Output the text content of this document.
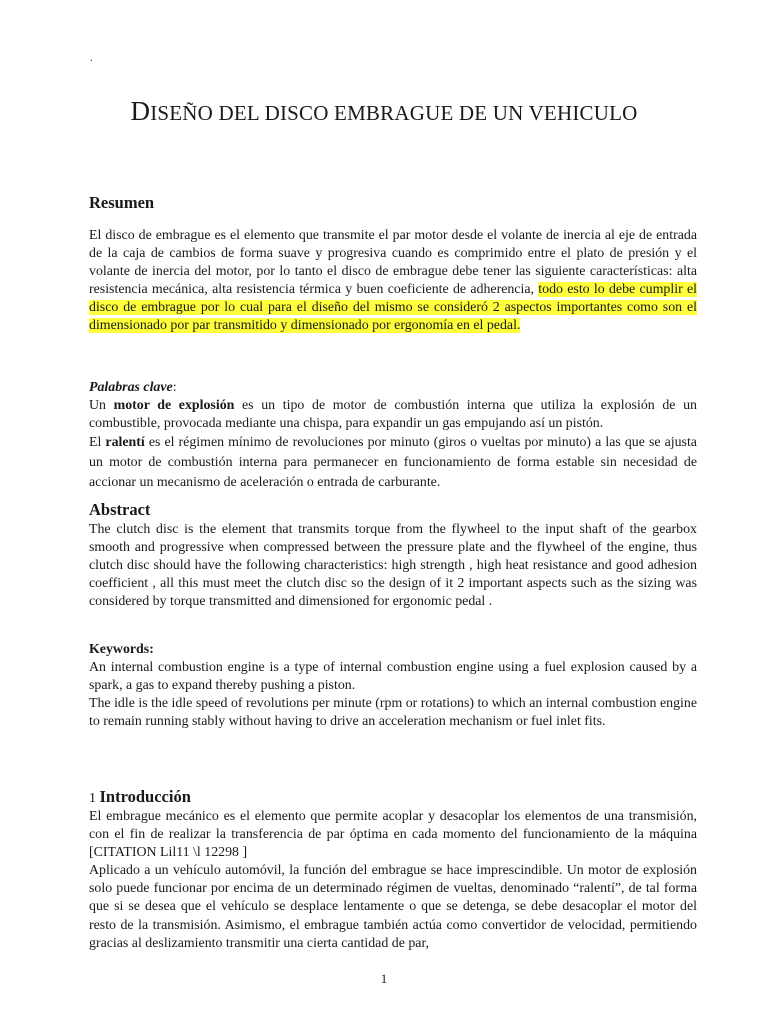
.
DISEÑO DEL DISCO EMBRAGUE DE UN VEHICULO
Resumen

El disco de embrague es el elemento que transmite el par motor desde el volante de inercia al eje de entrada de la caja de cambios de forma suave y progresiva cuando es comprimido entre el plato de presión y el volante de inercia del motor, por lo tanto el disco de embrague debe tener las siguiente características: alta resistencia mecánica, alta resistencia térmica y buen coeficiente de adherencia, todo esto lo debe cumplir el disco de embrague por lo cual para el diseño del mismo se consideró 2 aspectos importantes como son el dimensionado por par transmitido y dimensionado por ergonomía en el pedal.

Palabras clave:

Un motor de explosión es un tipo de motor de combustión interna que utiliza la explosión de un combustible, provocada mediante una chispa, para expandir un gas empujando así un pistón.

El ralentí es el régimen mínimo de revoluciones por minuto (giros o vueltas por minuto) a las que se ajusta un motor de combustión interna para permanecer en funcionamiento de forma estable sin necesidad de accionar un mecanismo de aceleración o entrada de carburante.

Abstract

The clutch disc is the element that transmits torque from the flywheel to the input shaft of the gearbox smooth and progressive when compressed between the pressure plate and the flywheel of the engine, thus clutch disc should have the following characteristics: high strength , high heat resistance and good adhesion coefficient , all this must meet the clutch disc so the design of it 2 important aspects such as the sizing was considered by torque transmitted and dimensioned for ergonomic pedal .

Keywords:

An internal combustion engine is a type of internal combustion engine using a fuel explosion caused by a spark, a gas to expand thereby pushing a piston.

The idle is the idle speed of revolutions per minute (rpm or rotations) to which an internal combustion engine to remain running stably without having to drive an acceleration mechanism or fuel inlet fits.

1 Introducción

El embrague mecánico es el elemento que permite acoplar y desacoplar los elementos de una transmisión, con el fin de realizar la transferencia de par óptima en cada momento del funcionamiento de la máquina [CITATION Lil11 \l 12298 ]

Aplicado a un vehículo automóvil, la función del embrague se hace imprescindible. Un motor de explosión solo puede funcionar por encima de un determinado régimen de vueltas, denominado “ralentí”, de tal forma que si se desea que el vehículo se desplace lentamente o que se detenga, se debe desacoplar el motor del resto de la transmisión. Asimismo, el embrague también actúa como convertidor de velocidad, permitiendo gracias al deslizamiento transmitir una cierta cantidad de par,

1
